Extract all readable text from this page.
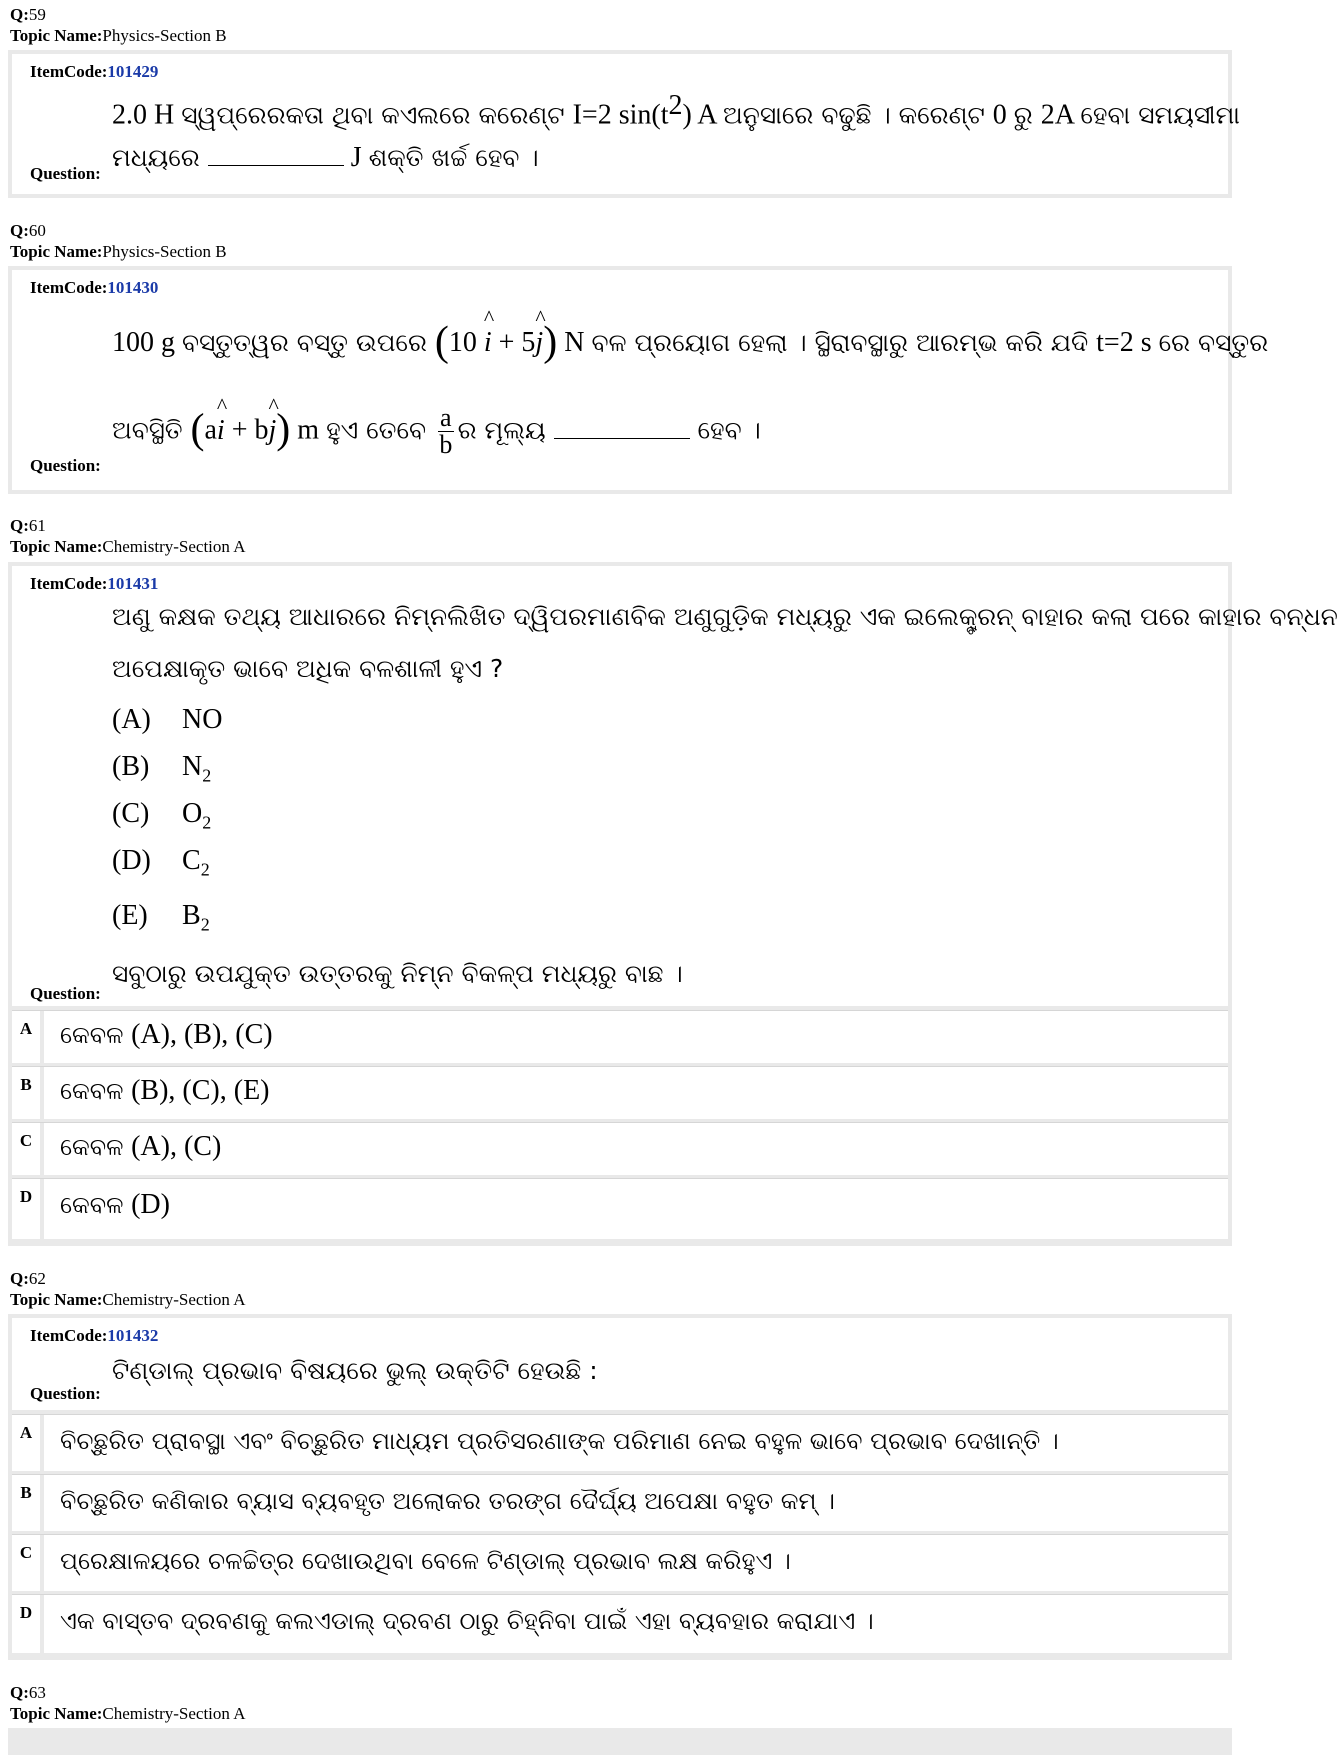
Q:59
Topic Name:Physics-Section B
ItemCode:101429
2.0 H ସ୍ୱପ୍ରେରକତା ଥିବା କଏଲରେ କରେଣ୍ଟ I=2 $\sin(t^2)$ A ଅନୁସାରେ ବଢୁଛି । କରେଣ୍ଟ 0 ରୁ 2A ହେବା ସମୟସୀମା
ମଧ୍ୟରେ	J ଶକ୍ତି ଖର୍ଚ୍ଚ ହେବ ।
Question:
Q:60
Topic Name:Physics-Section B
ItemCode:101430
100 g ବସ୍ତୁତ୍ୱର ବସ୍ତୁ ଉପରେ (10 ^ i + 5^ j) N ବଳ ପ୍ରୟୋଗ ହେଲା । ସ୍ଥିରାବସ୍ଥାରୁ ଆରମ୍ଭ କରି ଯଦି t=2 s ରେ ବସ୍ତୁର
ଅବସ୍ଥିତି (a^ i + b^ j) m ହୁଏ ତେବେ $\frac{a}{b}$ ର ମୂଲ୍ୟ	ହେବ ।
Question:
Q:61
Topic Name:Chemistry-Section A
ItemCode:101431
ଅଣୁ କକ୍ଷକ ତଥ୍ୟ ଆଧାରରେ ନିମ୍ନଲିଖିତ ଦ୍ୱିପରମାଣବିକ ଅଣୁଗୁଡ଼ିକ ମଧ୍ୟରୁ ଏକ ଇଲେକ୍ଟ୍ରନ୍ ବାହାର କଲା ପରେ କାହାର ବନ୍ଧନ
ଅପେକ୍ଷାକୃତ ଭାବେ ଅଧିକ ବଳଶାଳୀ ହୁଏ ?
(A) NO
(B) $N_2$
(C) $O_2$
(D) $C_2$
(E) $B_2$
ସବୁଠାରୁ ଉପଯୁକ୍ତ ଉତ୍ତରକୁ ନିମ୍ନ ବିକଳ୍ପ ମଧ୍ୟରୁ ବାଛ ।
Question:
A	କେବଳ (A), (B), (C)
B	କେବଳ (B), (C), (E)
C	କେବଳ (A), (C)
D	କେବଳ (D)
Q:62
Topic Name:Chemistry-Section A
ItemCode:101432
ଟିଣ୍ଡାଲ୍ ପ୍ରଭାବ ବିଷୟରେ ଭୁଲ୍ ଉକ୍ତିଟି ହେଉଛି :
Question:
A	ବିଚ୍ଛୁରିତ ପ୍ରାବସ୍ଥା ଏବଂ ବିଚ୍ଛୁରିତ ମାଧ୍ୟମ ପ୍ରତିସରଣାଙ୍କ ପରିମାଣ ନେଇ ବହୁଳ ଭାବେ ପ୍ରଭାବ ଦେଖାନ୍ତି ।
B	ବିଚ୍ଛୁରିତ କଣିକାର ବ୍ୟାସ ବ୍ୟବହୃତ ଅଲୋକର ତରଙ୍ଗ ଦୈର୍ଘ୍ୟ ଅପେକ୍ଷା ବହୁତ କମ୍ ।
C	ପ୍ରେକ୍ଷାଳୟରେ ଚଳଚ୍ଚିତ୍ର ଦେଖାଉଥିବା ବେଳେ ଟିଣ୍ଡାଲ୍ ପ୍ରଭାବ ଲକ୍ଷ କରିହୁଏ ।
D	ଏକ ବାସ୍ତବ ଦ୍ରବଣକୁ କଲଏଡାଲ୍ ଦ୍ରବଣ ଠାରୁ ଚିହ୍ନିବା ପାଇଁ ଏହା ବ୍ୟବହାର କରାଯାଏ ।
Q:63
Topic Name:Chemistry-Section A
